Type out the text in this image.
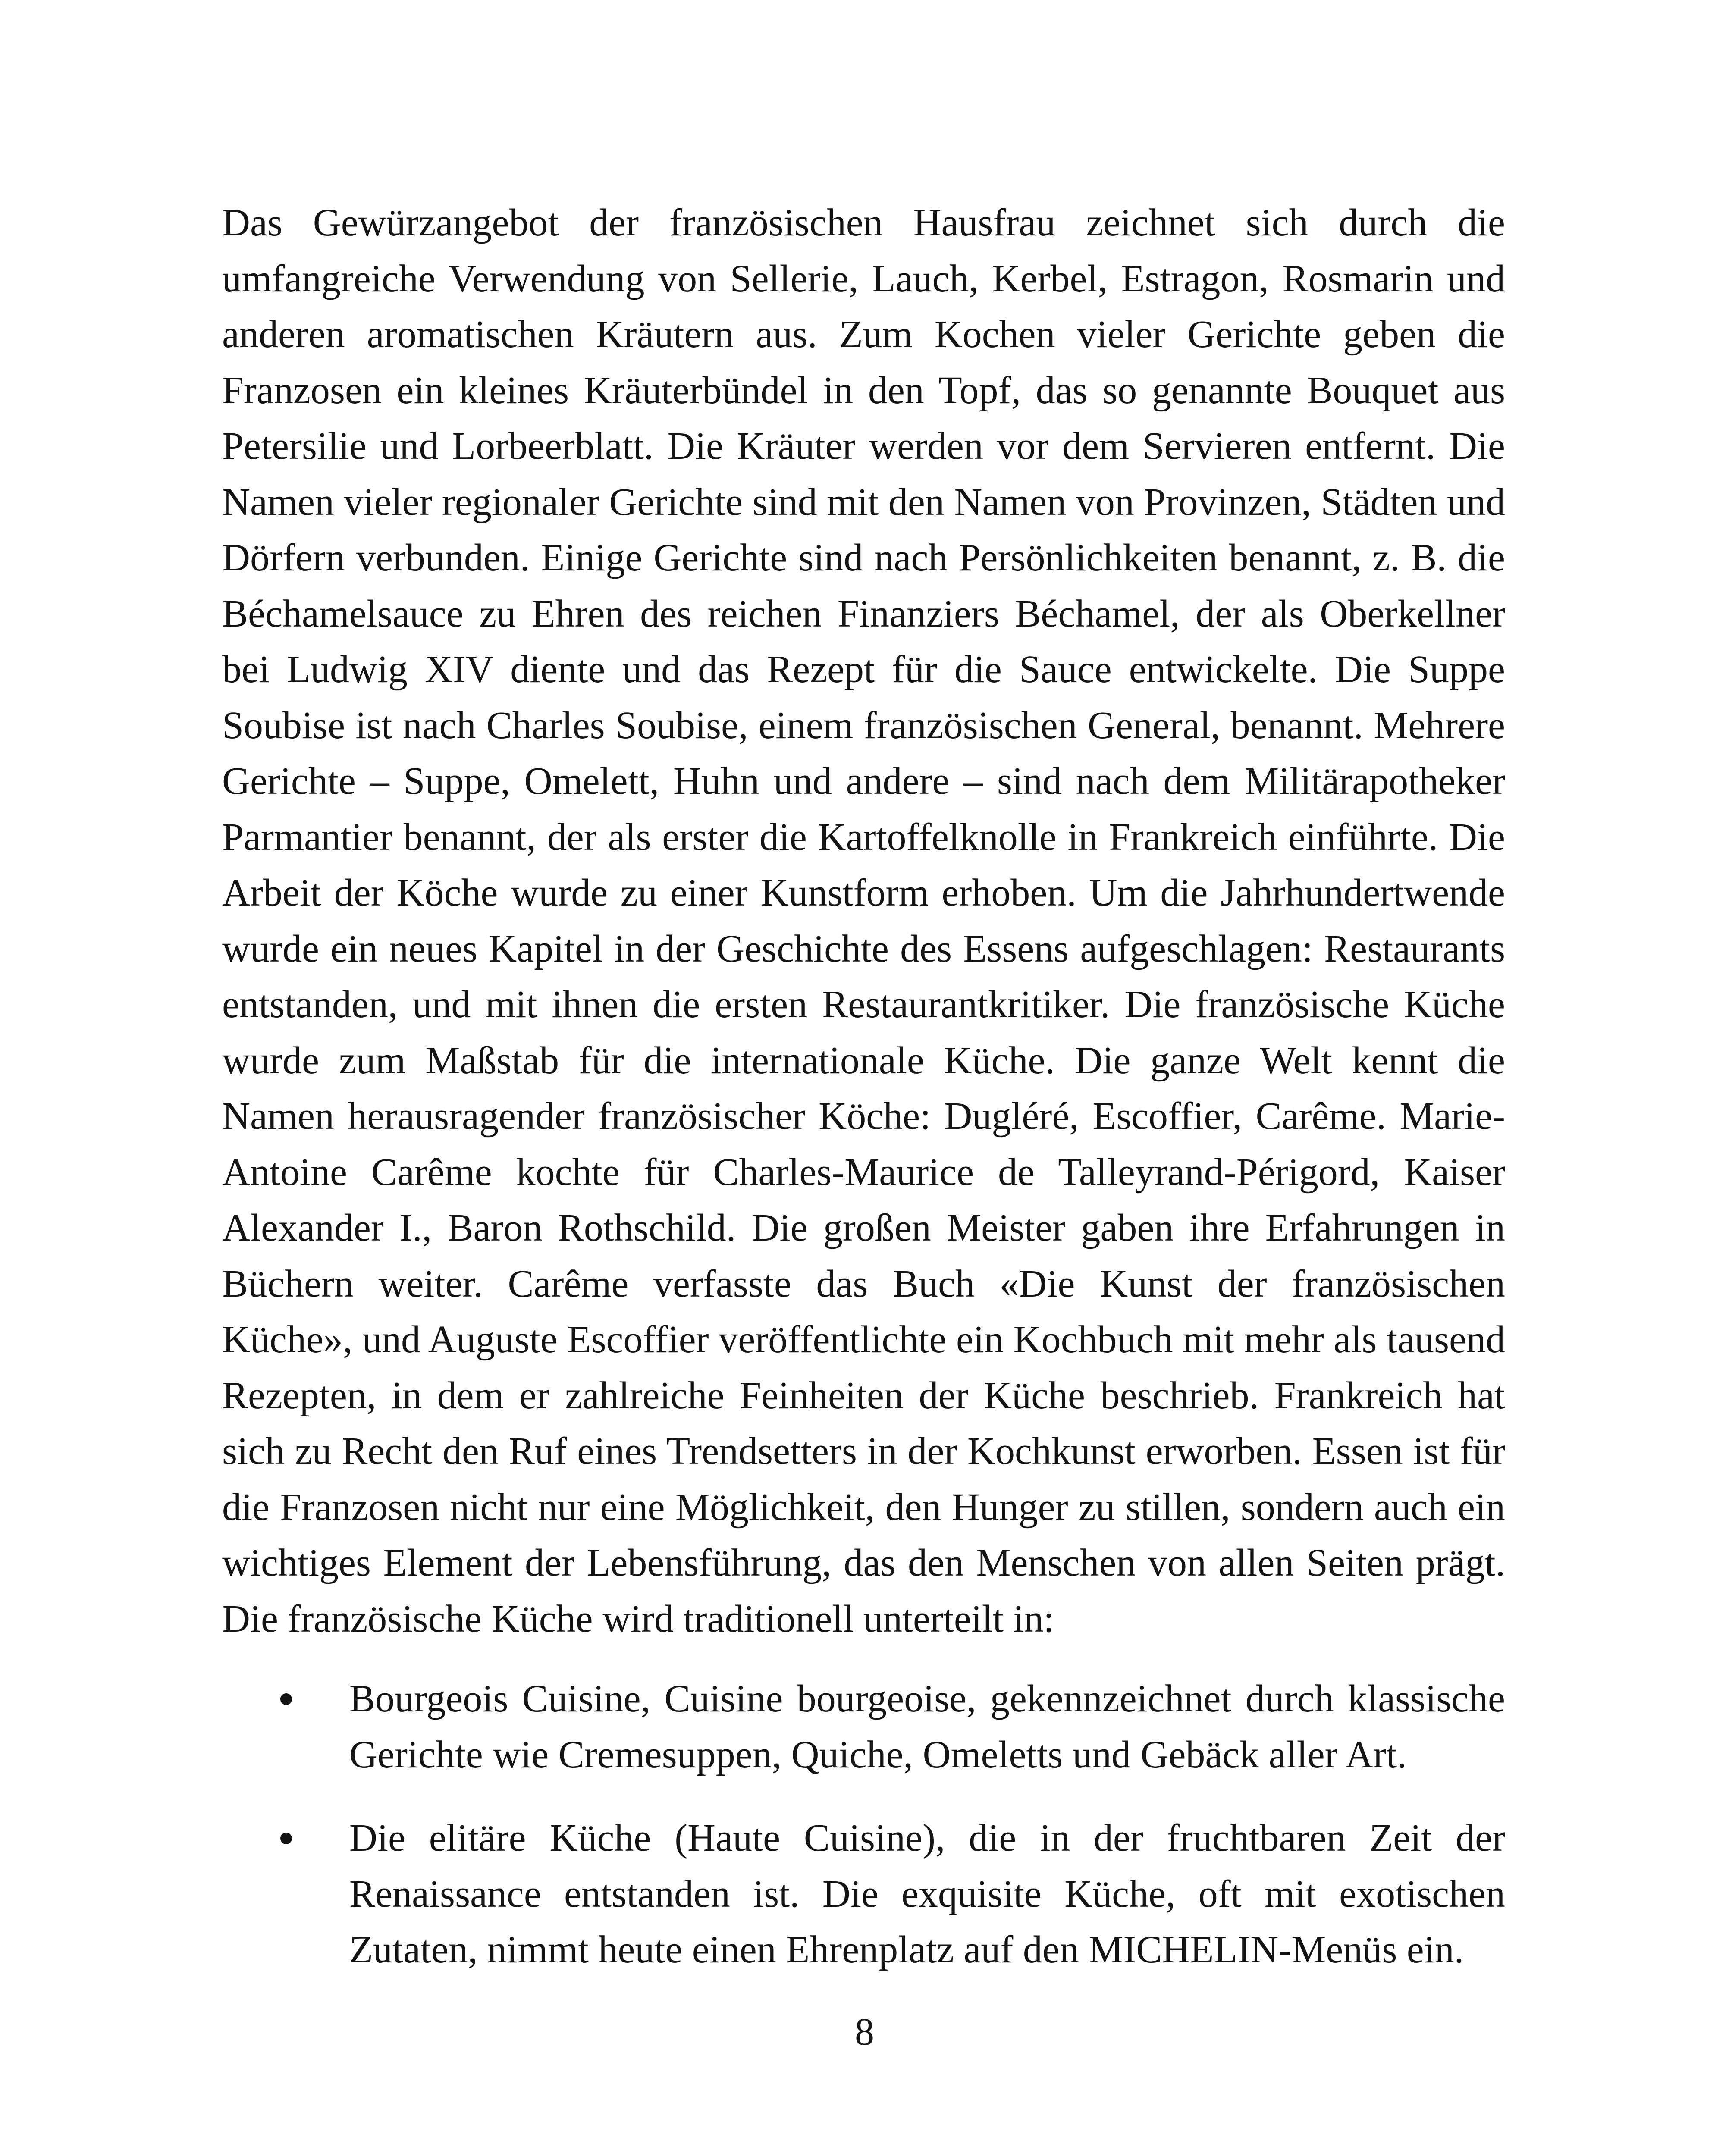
Das Gewürzangebot der französischen Hausfrau zeichnet sich durch die umfangreiche Verwendung von Sellerie, Lauch, Kerbel, Estragon, Rosmarin und anderen aromatischen Kräutern aus. Zum Kochen vieler Gerichte geben die Franzosen ein kleines Kräuterbündel in den Topf, das so genannte Bouquet aus Petersilie und Lorbeerblatt. Die Kräuter werden vor dem Servieren entfernt. Die Namen vieler regionaler Gerichte sind mit den Namen von Provinzen, Städten und Dörfern verbunden. Einige Gerichte sind nach Persönlichkeiten benannt, z. B. die Béchamelsauce zu Ehren des reichen Finanziers Béchamel, der als Oberkellner bei Ludwig XIV diente und das Rezept für die Sauce entwickelte. Die Suppe Soubise ist nach Charles Soubise, einem französischen General, benannt. Mehrere Gerichte – Suppe, Omelett, Huhn und andere – sind nach dem Militärapotheker Parmantier benannt, der als erster die Kartoffelknolle in Frankreich einführte. Die Arbeit der Köche wurde zu einer Kunstform erhoben. Um die Jahrhundertwende wurde ein neues Kapitel in der Geschichte des Essens aufgeschlagen: Restaurants entstanden, und mit ihnen die ersten Restaurantkritiker. Die französische Küche wurde zum Maßstab für die internationale Küche. Die ganze Welt kennt die Namen herausragender französischer Köche: Dugléré, Escoffier, Carême. Marie-Antoine Carême kochte für Charles-Maurice de Talleyrand-Périgord, Kaiser Alexander I., Baron Rothschild. Die großen Meister gaben ihre Erfahrungen in Büchern weiter. Carême verfasste das Buch «Die Kunst der französischen Küche», und Auguste Escoffier veröffentlichte ein Kochbuch mit mehr als tausend Rezepten, in dem er zahlreiche Feinheiten der Küche beschrieb. Frankreich hat sich zu Recht den Ruf eines Trendsetters in der Kochkunst erworben. Essen ist für die Franzosen nicht nur eine Möglichkeit, den Hunger zu stillen, sondern auch ein wichtiges Element der Lebensführung, das den Menschen von allen Seiten prägt. Die französische Küche wird traditionell unterteilt in:

Bourgeois Cuisine, Cuisine bourgeoise, gekennzeichnet durch klassische Gerichte wie Cremesuppen, Quiche, Omeletts und Gebäck aller Art.
Die elitäre Küche (Haute Cuisine), die in der fruchtbaren Zeit der Renaissance entstanden ist. Die exquisite Küche, oft mit exotischen Zutaten, nimmt heute einen Ehrenplatz auf den MICHELIN-Menüs ein.

8
